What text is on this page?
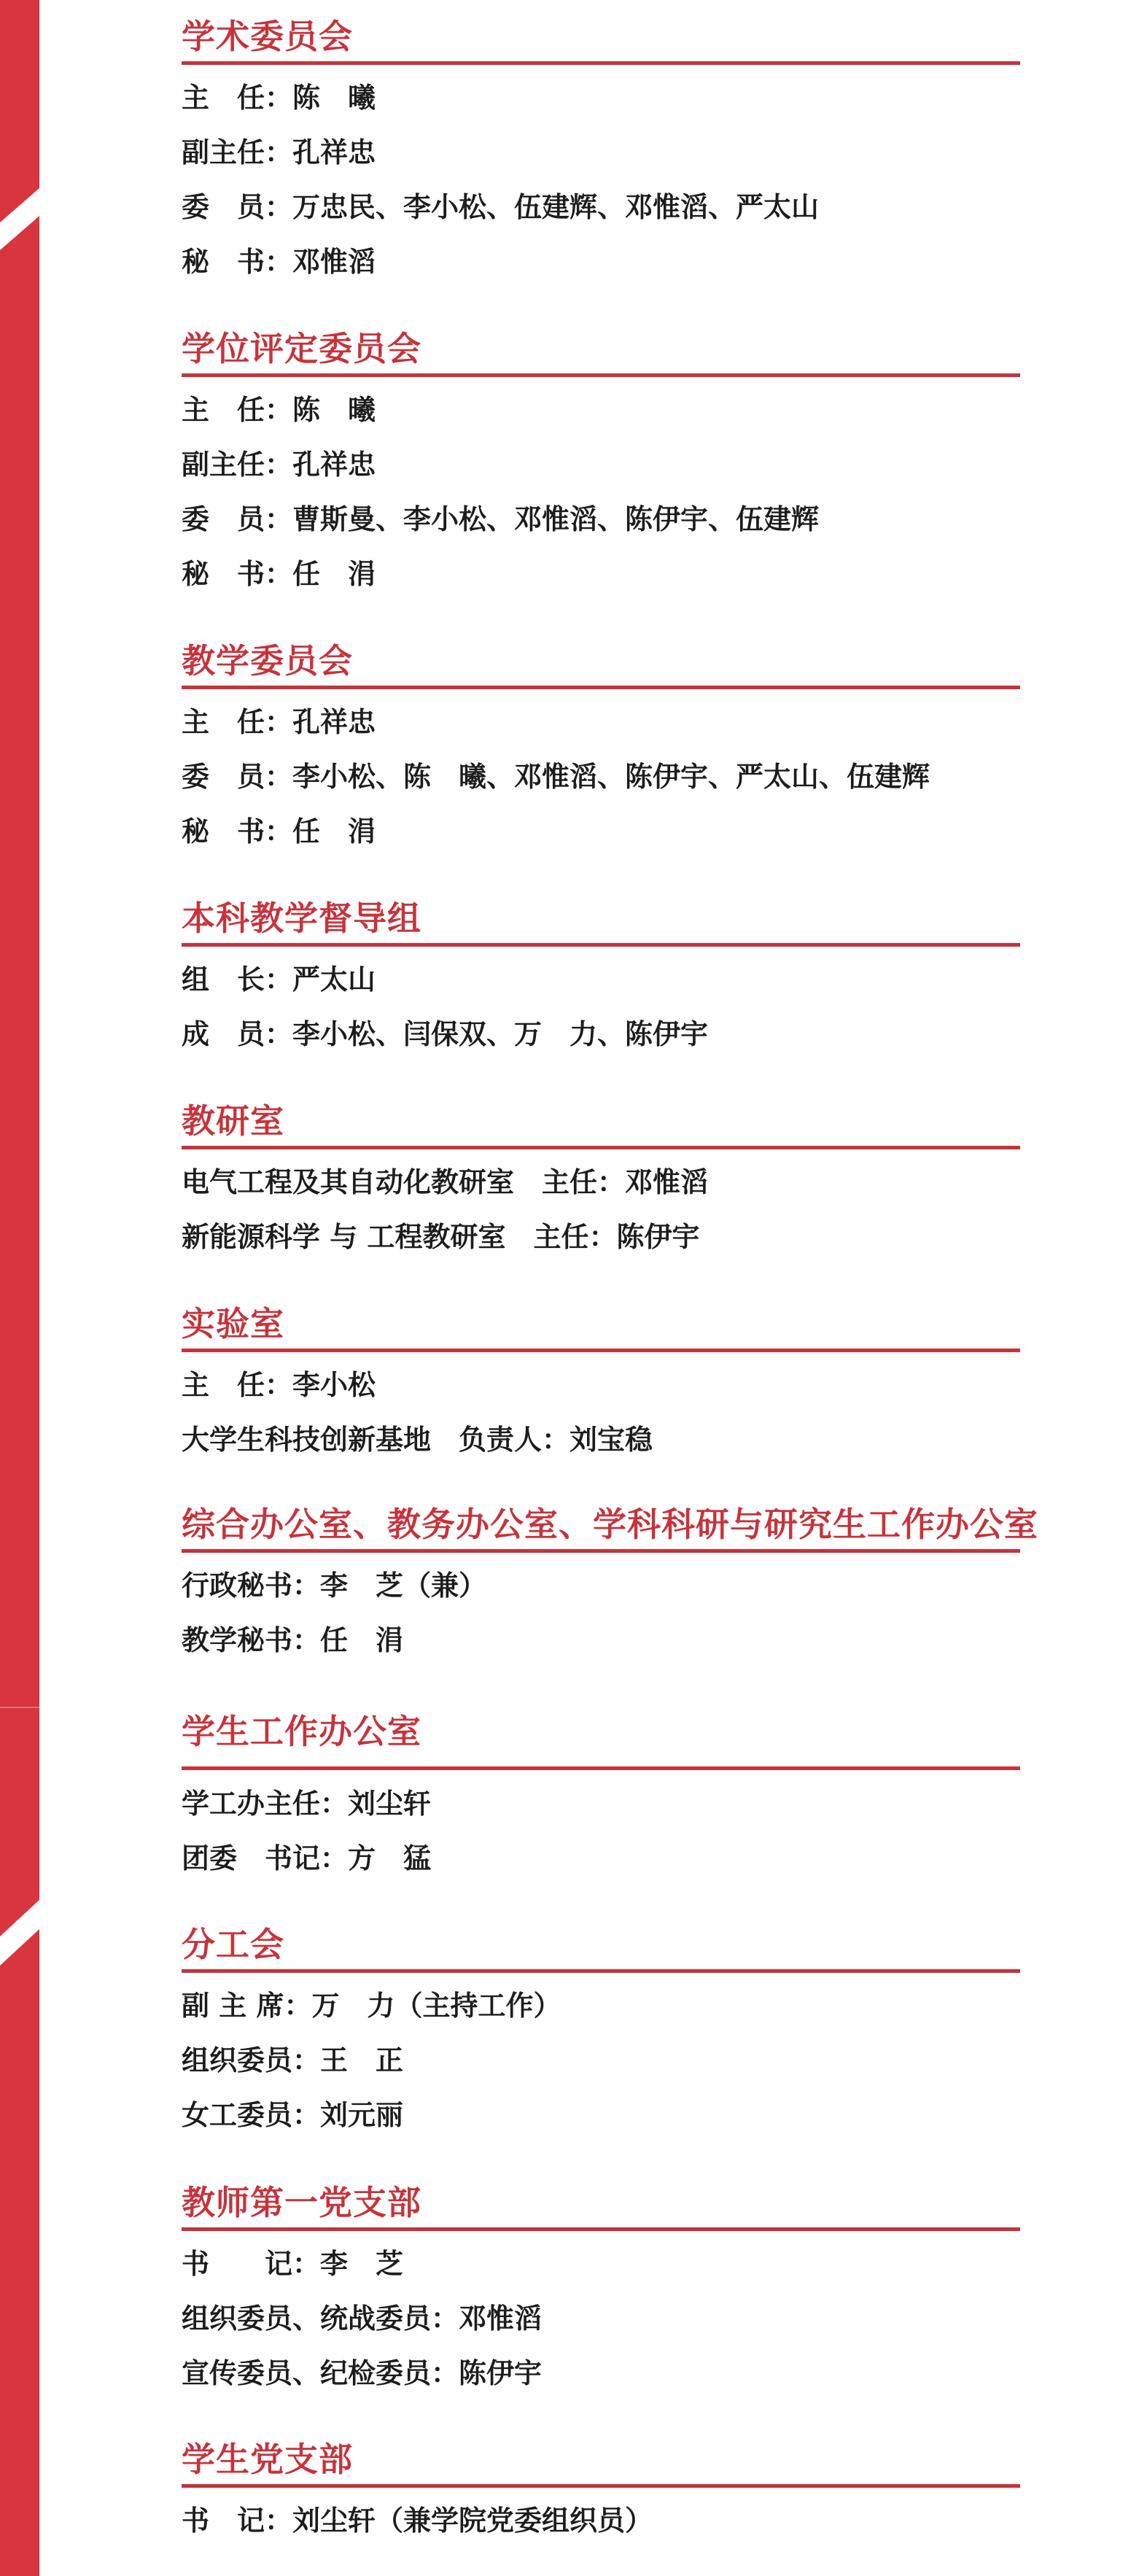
学术委员会
主　任：陈　曦
副主任：孔祥忠
委　员：万忠民、李小松、伍建辉、邓惟滔、严太山
秘　书：邓惟滔
学位评定委员会
主　任：陈　曦
副主任：孔祥忠
委　员：曹斯曼、李小松、邓惟滔、陈伊宇、伍建辉
秘　书：任　涓
教学委员会
主　任：孔祥忠
委　员：李小松、陈　曦、邓惟滔、陈伊宇、严太山、伍建辉
秘　书：任　涓
本科教学督导组
组　长：严太山
成　员：李小松、闫保双、万　力、陈伊宇
教研室
电气工程及其自动化教研室　主任：邓惟滔
新能源科学 与 工程教研室　主任：陈伊宇
实验室
主　任：李小松
大学生科技创新基地　负责人：刘宝稳
综合办公室、教务办公室、学科科研与研究生工作办公室
行政秘书：李　芝（兼）
教学秘书：任　涓
学生工作办公室
学工办主任：刘尘轩
团委　书记：方　猛
分工会
副 主 席：万　力（主持工作）
组织委员：王　正
女工委员：刘元丽
教师第一党支部
书　　记：李　芝
组织委员、统战委员：邓惟滔
宣传委员、纪检委员：陈伊宇
学生党支部
书　记：刘尘轩（兼学院党委组织员）
